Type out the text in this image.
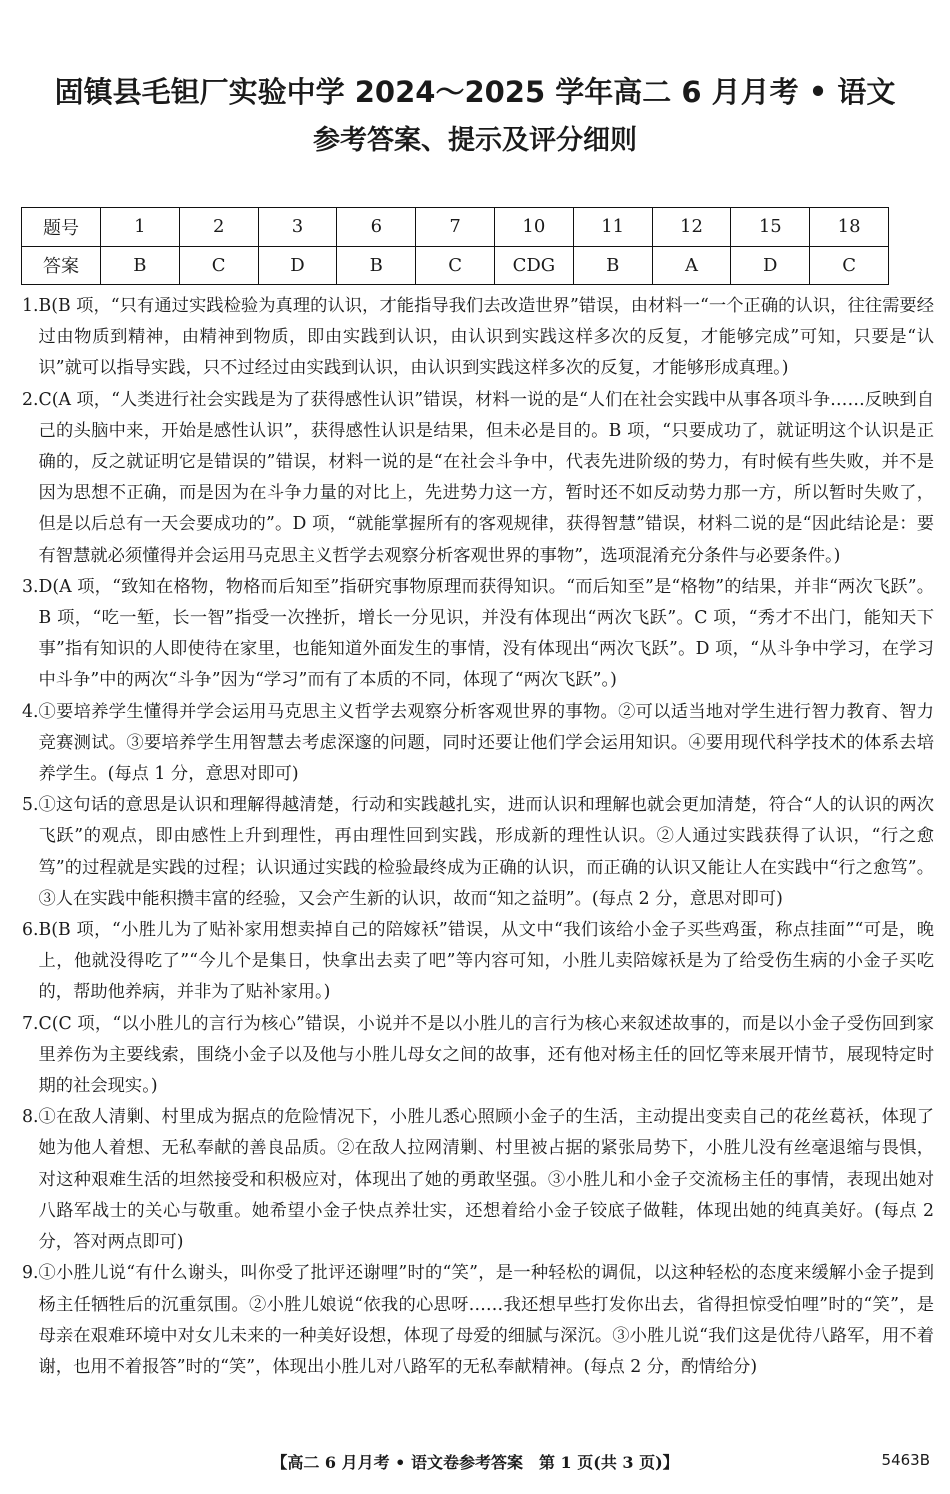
固镇县毛钽厂实验中学 2024～2025 学年高二 6 月月考 • 语文
参考答案、提示及评分细则
题号	1	2	3	6	7	10	11	12	15	18
答案	B	C	D	B	C	CDG	B	A	D	C
1. B(B 项，“只有通过实践检验为真理的认识，才能指导我们去改造世界”错误，由材料一“一个正确的认识，往往需要经过由物质到精神，由精神到物质，即由实践到认识，由认识到实践这样多次的反复，才能够完成”可知，只要是“认识”就可以指导实践，只不过经过由实践到认识，由认识到实践这样多次的反复，才能够形成真理。)
2. C(A 项，“人类进行社会实践是为了获得感性认识”错误，材料一说的是“人们在社会实践中从事各项斗争……反映到自己的头脑中来，开始是感性认识”，获得感性认识是结果，但未必是目的。B 项，“只要成功了，就证明这个认识是正确的，反之就证明它是错误的”错误，材料一说的是“在社会斗争中，代表先进阶级的势力，有时候有些失败，并不是因为思想不正确，而是因为在斗争力量的对比上，先进势力这一方，暂时还不如反动势力那一方，所以暂时失败了，但是以后总有一天会要成功的”。D 项，“就能掌握所有的客观规律，获得智慧”错误，材料二说的是“因此结论是：要有智慧就必须懂得并会运用马克思主义哲学去观察分析客观世界的事物”，选项混淆充分条件与必要条件。)
3. D(A 项，“致知在格物，物格而后知至”指研究事物原理而获得知识。“而后知至”是“格物”的结果，并非“两次飞跃”。B 项，“吃一堑，长一智”指受一次挫折，增长一分见识，并没有体现出“两次飞跃”。C 项，“秀才不出门，能知天下事”指有知识的人即使待在家里，也能知道外面发生的事情，没有体现出“两次飞跃”。D 项，“从斗争中学习，在学习中斗争”中的两次“斗争”因为“学习”而有了本质的不同，体现了“两次飞跃”。)
4. ①要培养学生懂得并学会运用马克思主义哲学去观察分析客观世界的事物。②可以适当地对学生进行智力教育、智力竞赛测试。③要培养学生用智慧去考虑深邃的问题，同时还要让他们学会运用知识。④要用现代科学技术的体系去培养学生。(每点 1 分，意思对即可)
5. ①这句话的意思是认识和理解得越清楚，行动和实践越扎实，进而认识和理解也就会更加清楚，符合“人的认识的两次飞跃”的观点，即由感性上升到理性，再由理性回到实践，形成新的理性认识。②人通过实践获得了认识，“行之愈笃”的过程就是实践的过程；认识通过实践的检验最终成为正确的认识，而正确的认识又能让人在实践中“行之愈笃”。③人在实践中能积攒丰富的经验，又会产生新的认识，故而“知之益明”。(每点 2 分，意思对即可)
6. B(B 项，“小胜儿为了贴补家用想卖掉自己的陪嫁袄”错误，从文中“我们该给小金子买些鸡蛋，称点挂面”“可是，晚上，他就没得吃了”“今儿个是集日，快拿出去卖了吧”等内容可知，小胜儿卖陪嫁袄是为了给受伤生病的小金子买吃的，帮助他养病，并非为了贴补家用。)
7. C(C 项，“以小胜儿的言行为核心”错误，小说并不是以小胜儿的言行为核心来叙述故事的，而是以小金子受伤回到家里养伤为主要线索，围绕小金子以及他与小胜儿母女之间的故事，还有他对杨主任的回忆等来展开情节，展现特定时期的社会现实。)
8. ①在敌人清剿、村里成为据点的危险情况下，小胜儿悉心照顾小金子的生活，主动提出变卖自己的花丝葛袄，体现了她为他人着想、无私奉献的善良品质。②在敌人拉网清剿、村里被占据的紧张局势下，小胜儿没有丝毫退缩与畏惧，对这种艰难生活的坦然接受和积极应对，体现出了她的勇敢坚强。③小胜儿和小金子交流杨主任的事情，表现出她对八路军战士的关心与敬重。她希望小金子快点养壮实，还想着给小金子铰底子做鞋，体现出她的纯真美好。(每点 2 分，答对两点即可)
9. ①小胜儿说“有什么谢头，叫你受了批评还谢哩”时的“笑”，是一种轻松的调侃，以这种轻松的态度来缓解小金子提到杨主任牺牲后的沉重氛围。②小胜儿娘说“依我的心思呀……我还想早些打发你出去，省得担惊受怕哩”时的“笑”，是母亲在艰难环境中对女儿未来的一种美好设想，体现了母爱的细腻与深沉。③小胜儿说“我们这是优待八路军，用不着谢，也用不着报答”时的“笑”，体现出小胜儿对八路军的无私奉献精神。(每点 2 分，酌情给分)
【高二 6 月月考 • 语文卷参考答案　第 1 页(共 3 页)】	5463B
